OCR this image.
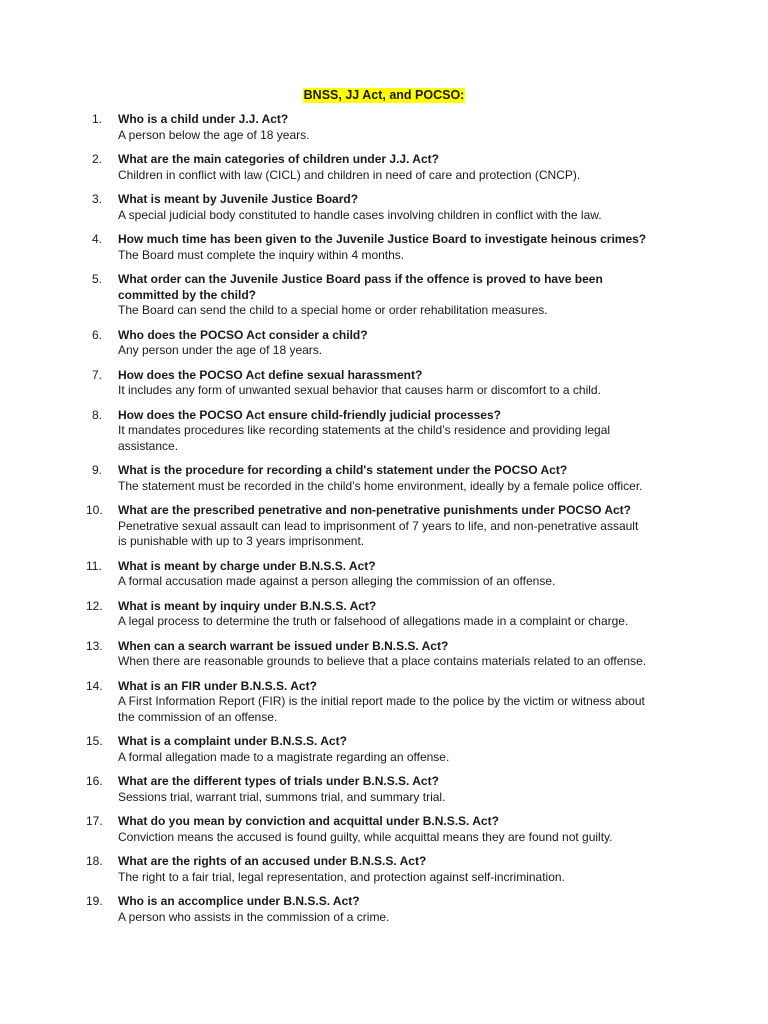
BNSS, JJ Act, and POCSO:
1.	Who is a child under J.J. Act?
A person below the age of 18 years.
2.	What are the main categories of children under J.J. Act?
Children in conflict with law (CICL) and children in need of care and protection (CNCP).
3.	What is meant by Juvenile Justice Board?
A special judicial body constituted to handle cases involving children in conflict with the law.
4.	How much time has been given to the Juvenile Justice Board to investigate heinous crimes?
The Board must complete the inquiry within 4 months.
5.	What order can the Juvenile Justice Board pass if the offence is proved to have been committed by the child?
The Board can send the child to a special home or order rehabilitation measures.
6.	Who does the POCSO Act consider a child?
Any person under the age of 18 years.
7.	How does the POCSO Act define sexual harassment?
It includes any form of unwanted sexual behavior that causes harm or discomfort to a child.
8.	How does the POCSO Act ensure child-friendly judicial processes?
It mandates procedures like recording statements at the child’s residence and providing legal assistance.
9.	What is the procedure for recording a child's statement under the POCSO Act?
The statement must be recorded in the child’s home environment, ideally by a female police officer.
10.	What are the prescribed penetrative and non-penetrative punishments under POCSO Act?
Penetrative sexual assault can lead to imprisonment of 7 years to life, and non-penetrative assault is punishable with up to 3 years imprisonment.
11.	What is meant by charge under B.N.S.S. Act?
A formal accusation made against a person alleging the commission of an offense.
12.	What is meant by inquiry under B.N.S.S. Act?
A legal process to determine the truth or falsehood of allegations made in a complaint or charge.
13.	When can a search warrant be issued under B.N.S.S. Act?
When there are reasonable grounds to believe that a place contains materials related to an offense.
14.	What is an FIR under B.N.S.S. Act?
A First Information Report (FIR) is the initial report made to the police by the victim or witness about the commission of an offense.
15.	What is a complaint under B.N.S.S. Act?
A formal allegation made to a magistrate regarding an offense.
16.	What are the different types of trials under B.N.S.S. Act?
Sessions trial, warrant trial, summons trial, and summary trial.
17.	What do you mean by conviction and acquittal under B.N.S.S. Act?
Conviction means the accused is found guilty, while acquittal means they are found not guilty.
18.	What are the rights of an accused under B.N.S.S. Act?
The right to a fair trial, legal representation, and protection against self-incrimination.
19.	Who is an accomplice under B.N.S.S. Act?
A person who assists in the commission of a crime.
